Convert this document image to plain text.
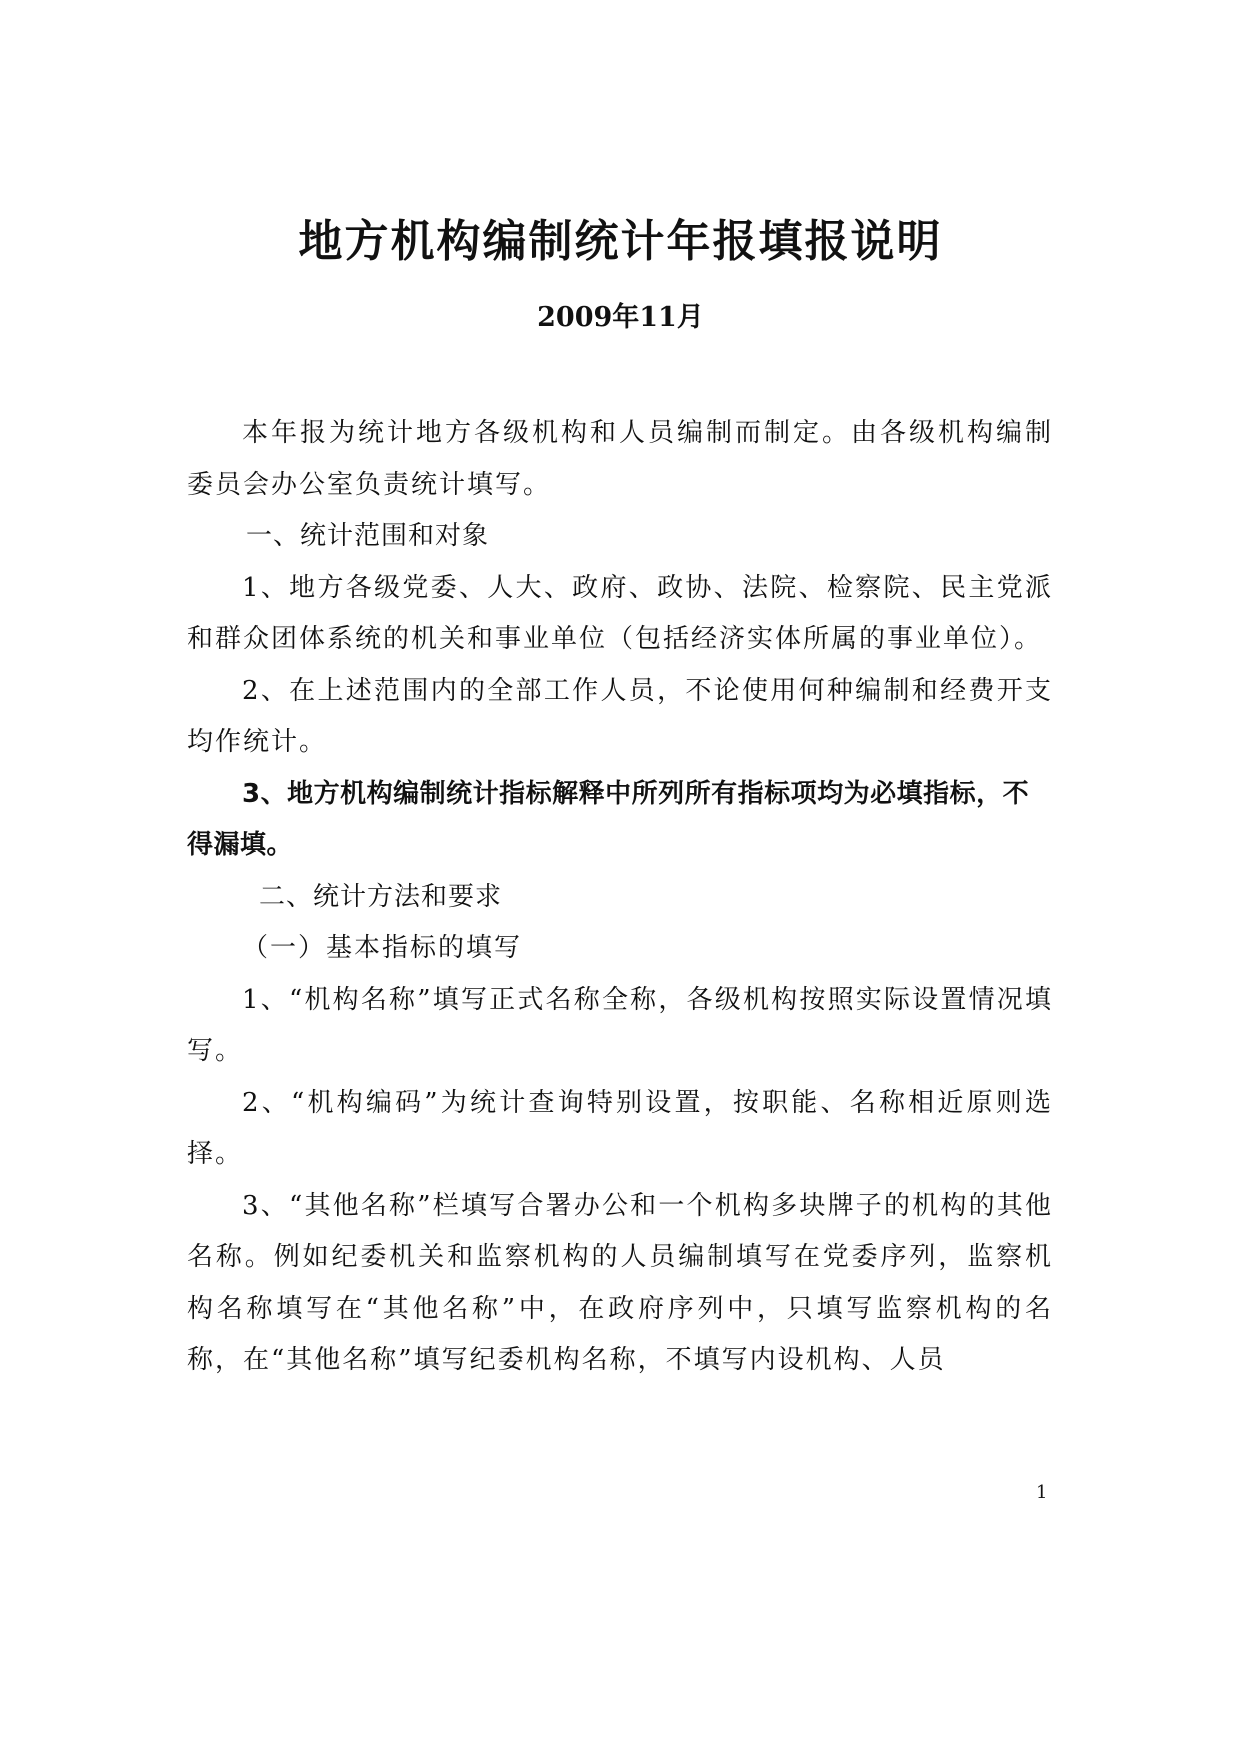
地方机构编制统计年报填报说明

2009年11月

本年报为统计地方各级机构和人员编制而制定。由各级机构编制委员会办公室负责统计填写。

一、统计范围和对象

1、地方各级党委、人大、政府、政协、法院、检察院、民主党派和群众团体系统的机关和事业单位（包括经济实体所属的事业单位）。

2、在上述范围内的全部工作人员，不论使用何种编制和经费开支均作统计。

3、地方机构编制统计指标解释中所列所有指标项均为必填指标，不得漏填。

二、统计方法和要求

（一）基本指标的填写

1、“机构名称”填写正式名称全称，各级机构按照实际设置情况填写。

2、“机构编码”为统计查询特别设置，按职能、名称相近原则选择。

3、“其他名称”栏填写合署办公和一个机构多块牌子的机构的其他名称。例如纪委机关和监察机构的人员编制填写在党委序列，监察机构名称填写在“其他名称”中，在政府序列中，只填写监察机构的名称，在“其他名称”填写纪委机构名称，不填写内设机构、人员

1
